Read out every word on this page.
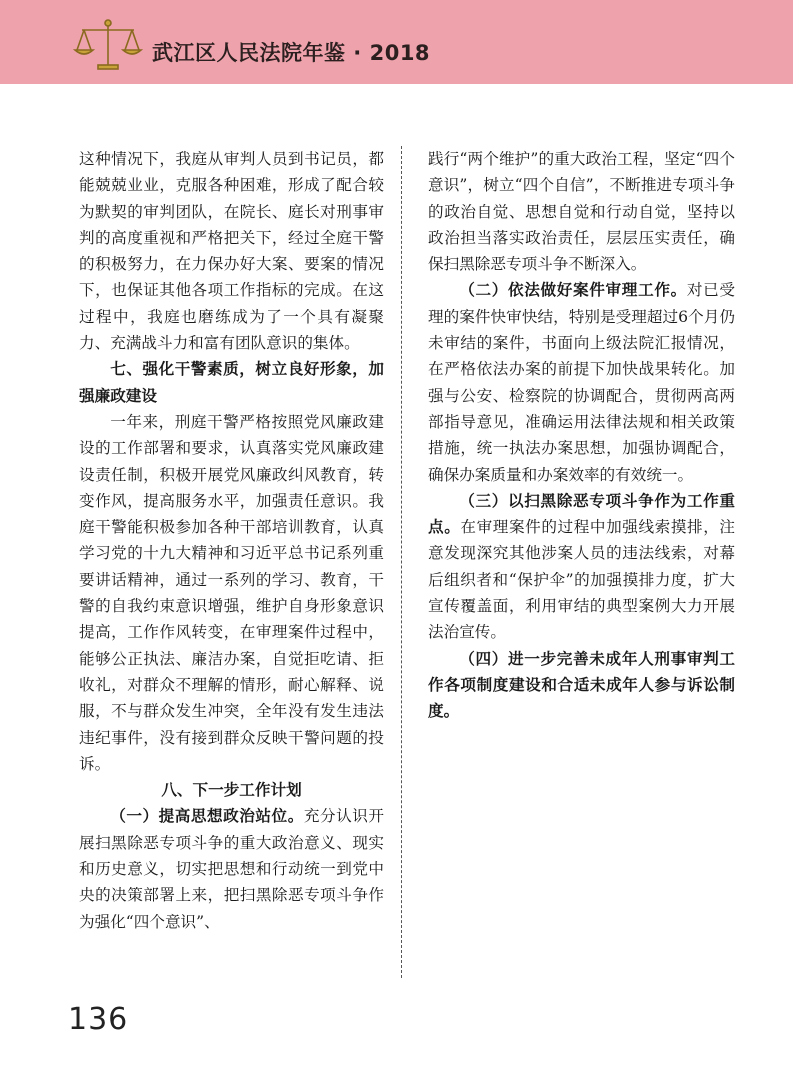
武江区人民法院年鉴 · 2018

这种情况下，我庭从审判人员到书记员，都能兢兢业业，克服各种困难，形成了配合较为默契的审判团队，在院长、庭长对刑事审判的高度重视和严格把关下，经过全庭干警的积极努力，在力保办好大案、要案的情况下，也保证其他各项工作指标的完成。在这过程中，我庭也磨练成为了一个具有凝聚力、充满战斗力和富有团队意识的集体。

七、强化干警素质，树立良好形象，加强廉政建设

一年来，刑庭干警严格按照党风廉政建设的工作部署和要求，认真落实党风廉政建设责任制，积极开展党风廉政纠风教育，转变作风，提高服务水平，加强责任意识。我庭干警能积极参加各种干部培训教育，认真学习党的十九大精神和习近平总书记系列重要讲话精神，通过一系列的学习、教育，干警的自我约束意识增强，维护自身形象意识提高，工作作风转变，在审理案件过程中，能够公正执法、廉洁办案，自觉拒吃请、拒收礼，对群众不理解的情形，耐心解释、说服，不与群众发生冲突，全年没有发生违法违纪事件，没有接到群众反映干警问题的投诉。

八、下一步工作计划

（一）提高思想政治站位。充分认识开展扫黑除恶专项斗争的重大政治意义、现实和历史意义，切实把思想和行动统一到党中央的决策部署上来，把扫黑除恶专项斗争作为强化“四个意识”、

践行“两个维护”的重大政治工程，坚定“四个意识”，树立“四个自信”，不断推进专项斗争的政治自觉、思想自觉和行动自觉，坚持以政治担当落实政治责任，层层压实责任，确保扫黑除恶专项斗争不断深入。

（二）依法做好案件审理工作。对已受理的案件快审快结，特别是受理超过6个月仍未审结的案件，书面向上级法院汇报情况，在严格依法办案的前提下加快战果转化。加强与公安、检察院的协调配合，贯彻两高两部指导意见，准确运用法律法规和相关政策措施，统一执法办案思想，加强协调配合，确保办案质量和办案效率的有效统一。

（三）以扫黑除恶专项斗争作为工作重点。在审理案件的过程中加强线索摸排，注意发现深究其他涉案人员的违法线索，对幕后组织者和“保护伞”的加强摸排力度，扩大宣传覆盖面，利用审结的典型案例大力开展法治宣传。

（四）进一步完善未成年人刑事审判工作各项制度建设和合适未成年人参与诉讼制度。
136
